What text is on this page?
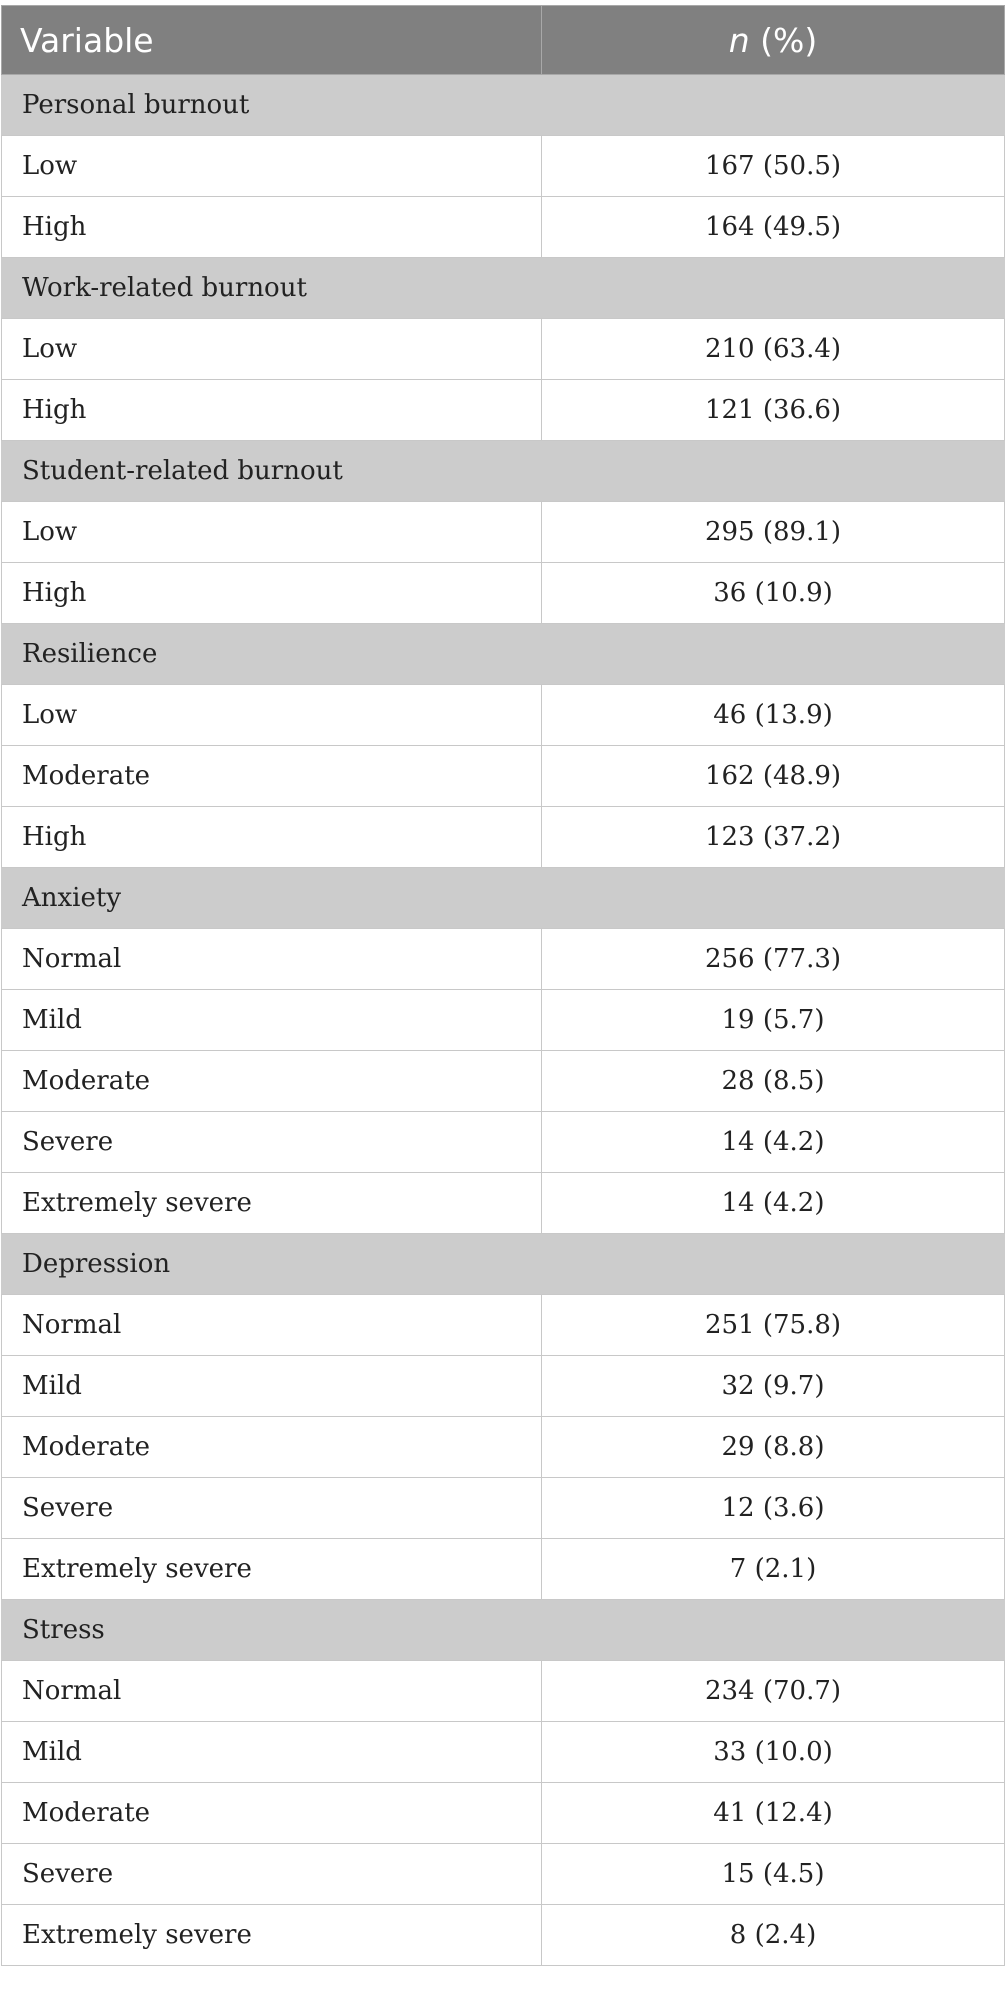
Variable	n (%)
Personal burnout	
Low	167 (50.5)
High	164 (49.5)
Work-related burnout	
Low	210 (63.4)
High	121 (36.6)
Student-related burnout	
Low	295 (89.1)
High	36 (10.9)
Resilience	
Low	46 (13.9)
Moderate	162 (48.9)
High	123 (37.2)
Anxiety	
Normal	256 (77.3)
Mild	19 (5.7)
Moderate	28 (8.5)
Severe	14 (4.2)
Extremely severe	14 (4.2)
Depression	
Normal	251 (75.8)
Mild	32 (9.7)
Moderate	29 (8.8)
Severe	12 (3.6)
Extremely severe	7 (2.1)
Stress	
Normal	234 (70.7)
Mild	33 (10.0)
Moderate	41 (12.4)
Severe	15 (4.5)
Extremely severe	8 (2.4)
